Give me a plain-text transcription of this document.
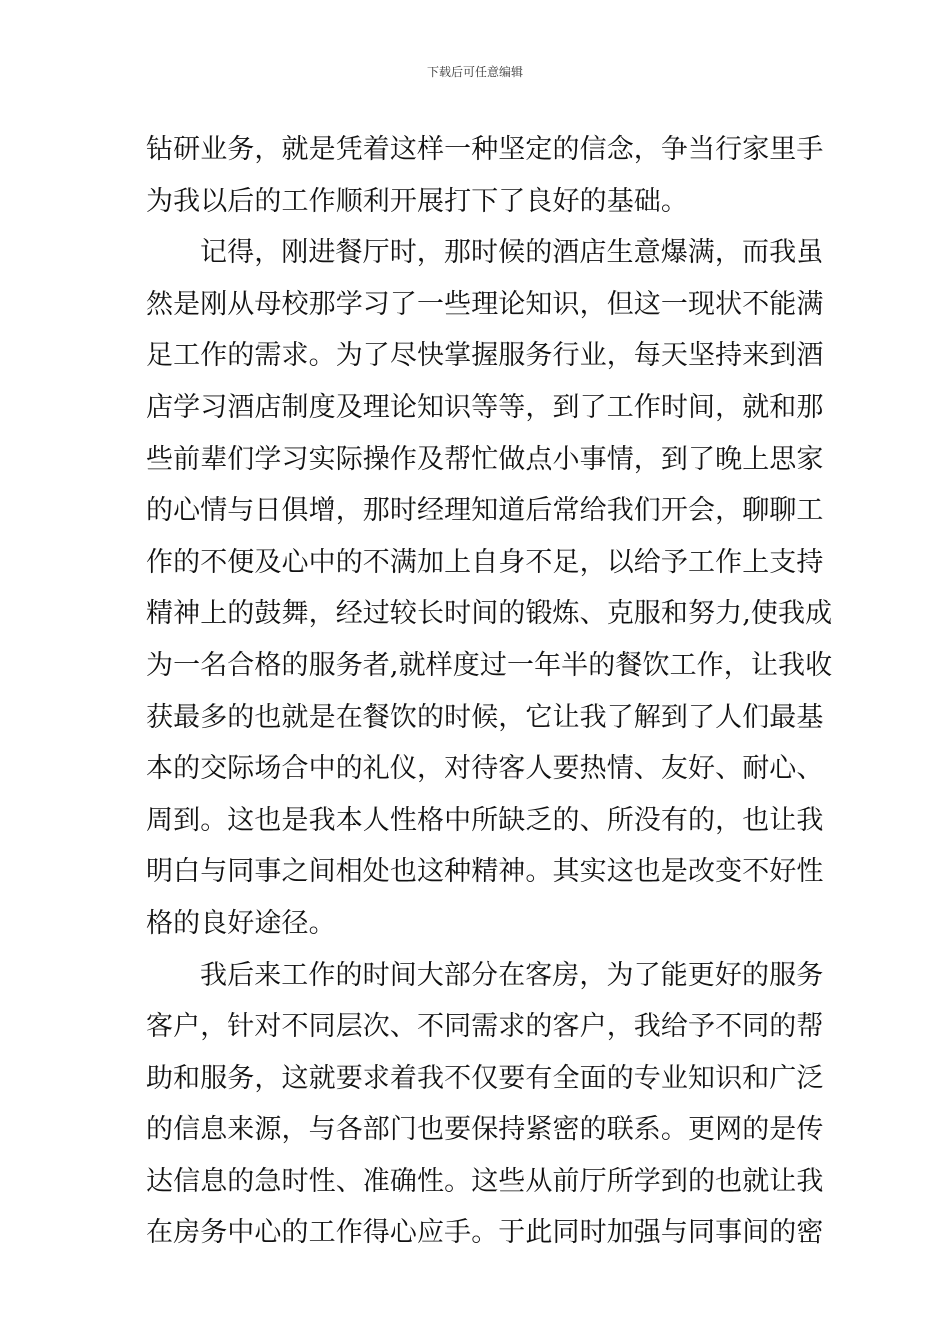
下载后可任意编辑
钻研业务，就是凭着这样一种坚定的信念，争当行家里手
为我以后的工作顺利开展打下了良好的基础。
记得，刚进餐厅时，那时候的酒店生意爆满，而我虽
然是刚从母校那学习了一些理论知识，但这一现状不能满
足工作的需求。为了尽快掌握服务行业，每天坚持来到酒
店学习酒店制度及理论知识等等，到了工作时间，就和那
些前辈们学习实际操作及帮忙做点小事情，到了晚上思家
的心情与日俱增，那时经理知道后常给我们开会，聊聊工
作的不便及心中的不满加上自身不足，以给予工作上支持
精神上的鼓舞，经过较长时间的锻炼、克服和努力,使我成
为一名合格的服务者,就样度过一年半的餐饮工作，让我收
获最多的也就是在餐饮的时候，它让我了解到了人们最基
本的交际场合中的礼仪，对待客人要热情、友好、耐心、
周到。这也是我本人性格中所缺乏的、所没有的，也让我
明白与同事之间相处也这种精神。其实这也是改变不好性
格的良好途径。
我后来工作的时间大部分在客房，为了能更好的服务
客户，针对不同层次、不同需求的客户，我给予不同的帮
助和服务，这就要求着我不仅要有全面的专业知识和广泛
的信息来源，与各部门也要保持紧密的联系。更网的是传
达信息的急时性、准确性。这些从前厅所学到的也就让我
在房务中心的工作得心应手。于此同时加强与同事间的密
